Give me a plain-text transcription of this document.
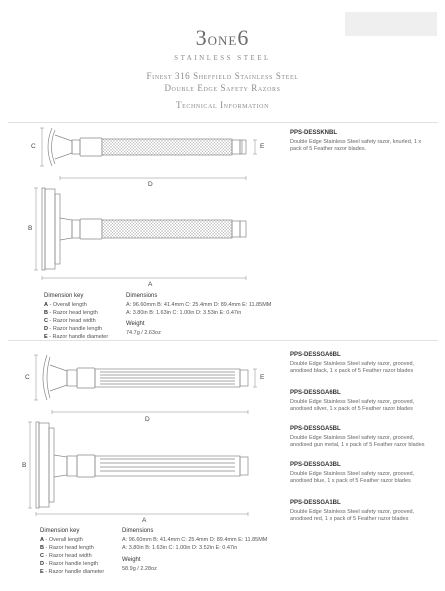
3ONE6
STAINLESS STEEL
Finest 316 Sheffield Stainless Steel
Double Edge Safety Razors
Technical Information
C	E
D
B
A
PPS-DESSKNBL
Double Edge Stainless Steel safety razor, knurled, 1 x pack of 5 Feather razor blades.
Dimension key
A - Overall length
B - Razor head length
C - Razor head width
D - Razor handle length
E - Razor handle diameter
Dimensions
A: 96.60mm B: 41.4mm C: 25.4mm D: 89.4mm E: 11.85MM
A: 3.80in B: 1.63in C: 1.00in D: 3.53in E: 0.47in
Weight
74.7g / 2.63oz
C	E
D
B
A
PPS-DESSGA6BL
Double Edge Stainless Steel safety razor, grooved, anodised black, 1 x pack of 5 Feather razor blades
PPS-DESSGA6BL
Double Edge Stainless Steel safety razor, grooved, anodised silver, 1 x pack of 5 Feather razor blades
PPS-DESSGA5BL
Double Edge Stainless Steel safety razor, grooved, anodised gun metal, 1 x pack of 5 Feather razor blades
PPS-DESSGA3BL
Double Edge Stainless Steel safety razor, grooved, anodised blue, 1 x pack of 5 Feather razor blades
PPS-DESSGA1BL
Double Edge Stainless Steel safety razor, grooved, anodised red, 1 x pack of 5 Feather razor blades
Dimension key
A - Overall length
B - Razor head length
C - Razor head width
D - Razor handle length
E - Razor handle diameter
Dimensions
A: 96.60mm B: 41.4mm C: 25.4mm D: 89.4mm E: 11.85MM
A: 3.80in B: 1.63in C: 1.00in D: 3.52in E: 0.47in
Weight
58.9g / 2.28oz
